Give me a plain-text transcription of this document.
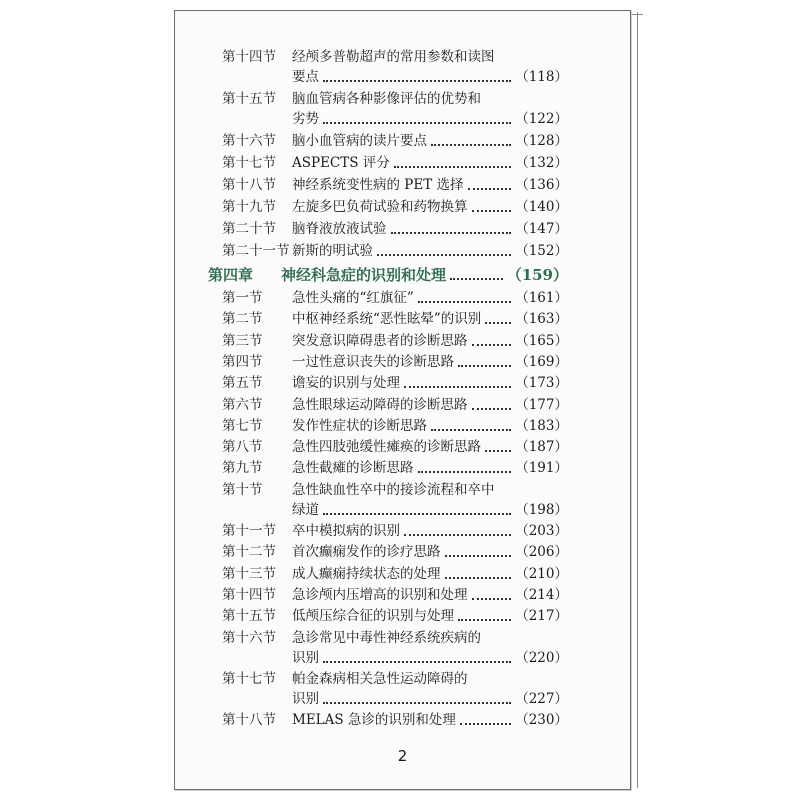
第十四节 经颅多普勒超声的常用参数和读图
要点	（118）
第十五节 脑血管病各种影像评估的优势和
劣势	（122）
第十六节 脑小血管病的读片要点	（128）
第十七节 ASPECTS 评分	（132）
第十八节 神经系统变性病的 PET 选择	（136）
第十九节 左旋多巴负荷试验和药物换算	（140）
第二十节 脑脊液放液试验	（147）
第二十一节 新斯的明试验	（152）
第四章 神经科急症的识别和处理	（159）
第一节 急性头痛的“红旗征”	（161）
第二节 中枢神经系统“恶性眩晕”的识别	（163）
第三节 突发意识障碍患者的诊断思路	（165）
第四节 一过性意识丧失的诊断思路	（169）
第五节 谵妄的识别与处理	（173）
第六节 急性眼球运动障碍的诊断思路	（177）
第七节 发作性症状的诊断思路	（183）
第八节 急性四肢弛缓性瘫痪的诊断思路	（187）
第九节 急性截瘫的诊断思路	（191）
第十节 急性缺血性卒中的接诊流程和卒中
绿道	（198）
第十一节 卒中模拟病的识别	（203）
第十二节 首次癫痫发作的诊疗思路	（206）
第十三节 成人癫痫持续状态的处理	（210）
第十四节 急诊颅内压增高的识别和处理	（214）
第十五节 低颅压综合征的识别与处理	（217）
第十六节 急诊常见中毒性神经系统疾病的
识别	（220）
第十七节 帕金森病相关急性运动障碍的
识别	（227）
第十八节 MELAS 急诊的识别和处理	（230）
2
